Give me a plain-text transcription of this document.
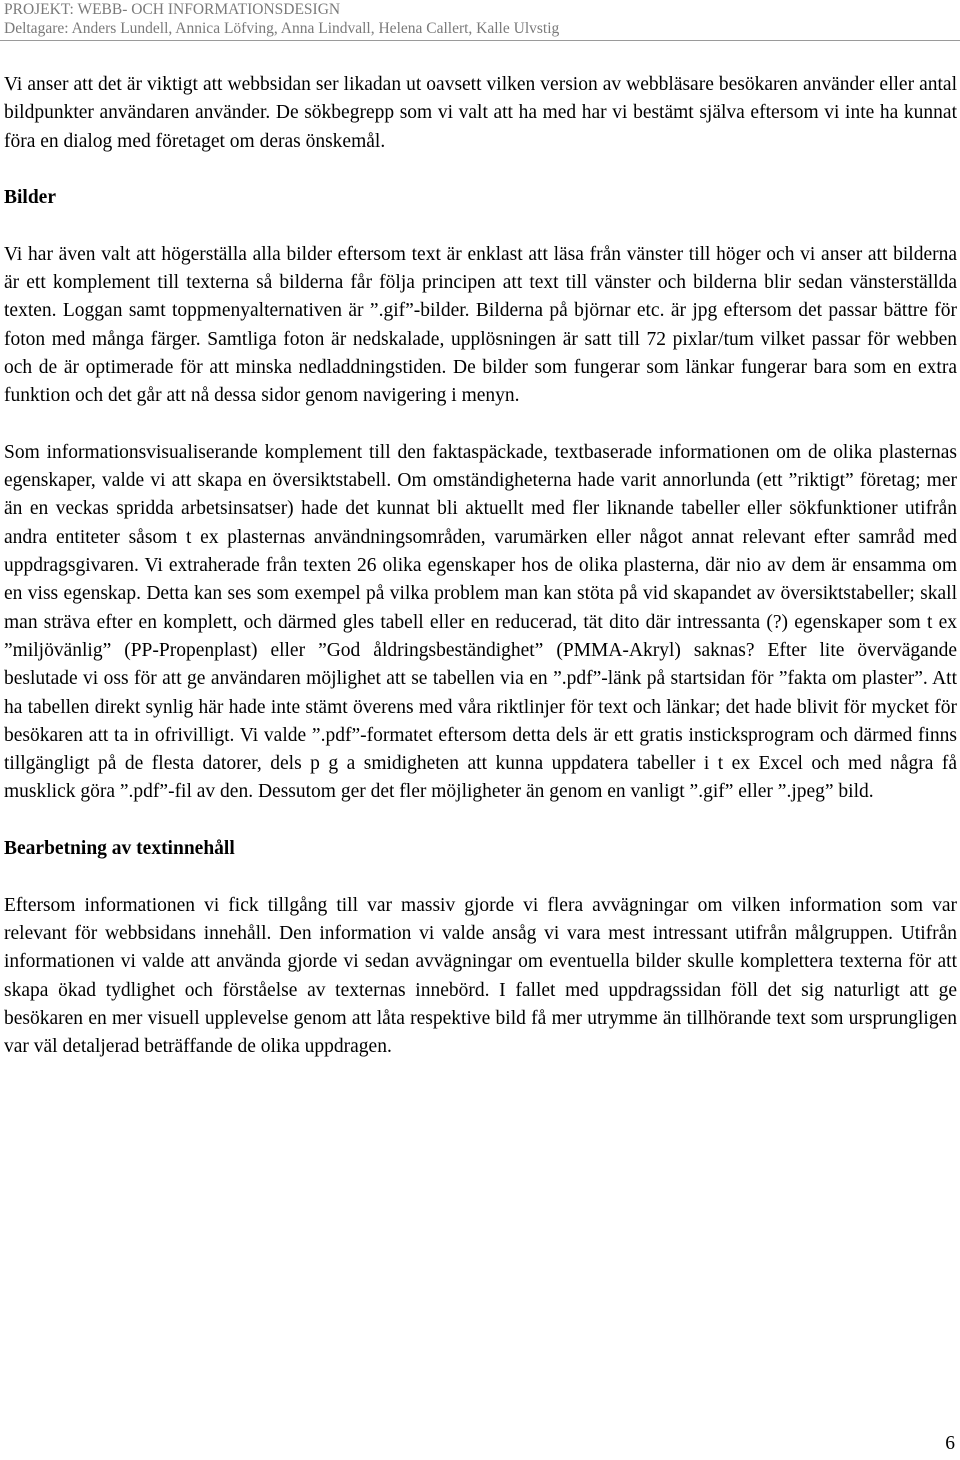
PROJEKT: WEBB- OCH INFORMATIONSDESIGN
Deltagare: Anders Lundell, Annica Löfving, Anna Lindvall, Helena Callert, Kalle Ulvstig

Vi anser att det är viktigt att webbsidan ser likadan ut oavsett vilken version av webbläsare besökaren använder eller antal bildpunkter användaren använder. De sökbegrepp som vi valt att ha med har vi bestämt själva eftersom vi inte ha kunnat föra en dialog med företaget om deras önskemål.

Bilder

Vi har även valt att högerställa alla bilder eftersom text är enklast att läsa från vänster till höger och vi anser att bilderna är ett komplement till texterna så bilderna får följa principen att text till vänster och bilderna blir sedan vänsterställda texten. Loggan samt toppmenyalternativen är ”.gif”-bilder. Bilderna på björnar etc. är jpg eftersom det passar bättre för foton med många färger. Samtliga foton är nedskalade, upplösningen är satt till 72 pixlar/tum vilket passar för webben och de är optimerade för att minska nedladdningstiden. De bilder som fungerar som länkar fungerar bara som en extra funktion och det går att nå dessa sidor genom navigering i menyn.

Som informationsvisualiserande komplement till den faktaspäckade, textbaserade informationen om de olika plasternas egenskaper, valde vi att skapa en översiktstabell. Om omständigheterna hade varit annorlunda (ett ”riktigt” företag; mer än en veckas spridda arbetsinsatser) hade det kunnat bli aktuellt med fler liknande tabeller eller sökfunktioner utifrån andra entiteter såsom t ex plasternas användningsområden, varumärken eller något annat relevant efter samråd med uppdragsgivaren. Vi extraherade från texten 26 olika egenskaper hos de olika plasterna, där nio av dem är ensamma om en viss egenskap. Detta kan ses som exempel på vilka problem man kan stöta på vid skapandet av översiktstabeller; skall man sträva efter en komplett, och därmed gles tabell eller en reducerad, tät dito där intressanta (?) egenskaper som t ex ”miljövänlig” (PP-Propenplast) eller ”God åldringsbeständighet” (PMMA-Akryl) saknas? Efter lite övervägande beslutade vi oss för att ge användaren möjlighet att se tabellen via en ”.pdf”-länk på startsidan för ”fakta om plaster”. Att ha tabellen direkt synlig här hade inte stämt överens med våra riktlinjer för text och länkar; det hade blivit för mycket för besökaren att ta in ofrivilligt. Vi valde ”.pdf”-formatet eftersom detta dels är ett gratis insticksprogram och därmed finns tillgängligt på de flesta datorer, dels p g a smidigheten att kunna uppdatera tabeller i t ex Excel och med några få musklick göra ”.pdf”-fil av den. Dessutom ger det fler möjligheter än genom en vanligt ”.gif” eller ”.jpeg” bild.

Bearbetning av textinnehåll

Eftersom informationen vi fick tillgång till var massiv gjorde vi flera avvägningar om vilken information som var relevant för webbsidans innehåll. Den information vi valde ansåg vi vara mest intressant utifrån målgruppen. Utifrån informationen vi valde att använda gjorde vi sedan avvägningar om eventuella bilder skulle komplettera texterna för att skapa ökad tydlighet och förståelse av texternas innebörd. I fallet med uppdragssidan föll det sig naturligt att ge besökaren en mer visuell upplevelse genom att låta respektive bild få mer utrymme än tillhörande text som ursprungligen var väl detaljerad beträffande de olika uppdragen.

6
